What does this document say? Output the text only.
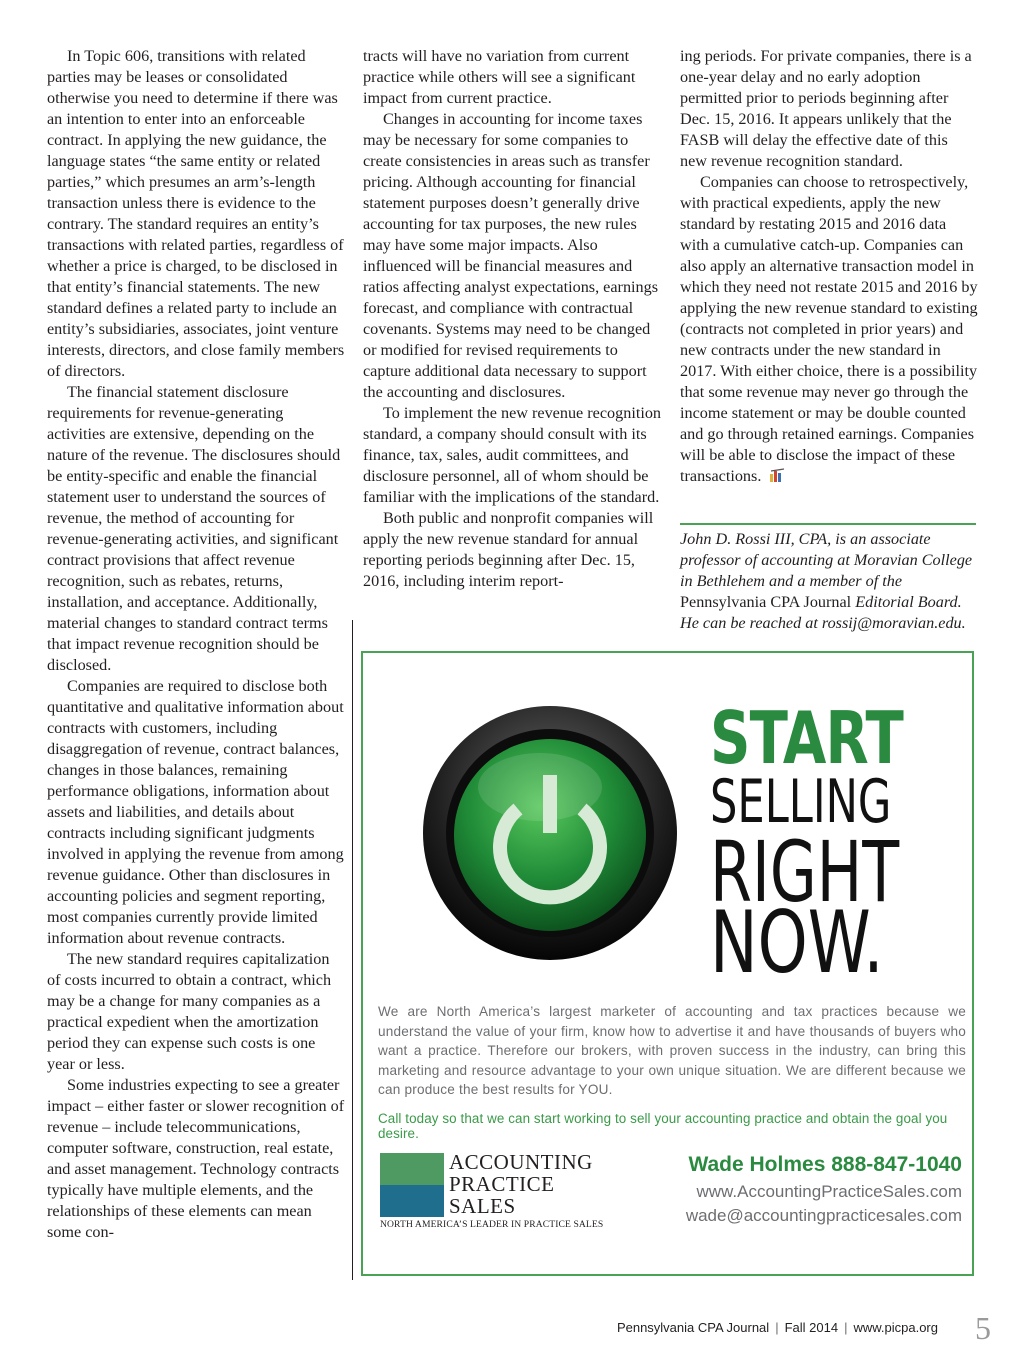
In Topic 606, transitions with related parties may be leases or consolidated otherwise you need to determine if there was an intention to enter into an enforceable contract. In applying the new guidance, the language states “the same entity or related parties,” which presumes an arm’s-length transaction unless there is evidence to the contrary. The standard requires an entity’s transactions with related parties, regardless of whether a price is charged, to be disclosed in that entity’s financial statements. The new standard defines a related party to include an entity’s subsidiaries, associates, joint venture interests, directors, and close family members of directors.

The financial statement disclosure requirements for revenue-generating activities are extensive, depending on the nature of the revenue. The disclosures should be entity-specific and enable the financial statement user to understand the sources of revenue, the method of accounting for revenue-generating activities, and significant contract provisions that affect revenue recognition, such as rebates, returns, installation, and acceptance. Additionally, material changes to standard contract terms that impact revenue recognition should be disclosed.

Companies are required to disclose both quantitative and qualitative information about contracts with customers, including disaggregation of revenue, contract balances, changes in those balances, remaining performance obligations, information about assets and liabilities, and details about contracts including significant judgments involved in applying the revenue from among revenue guidance. Other than disclosures in accounting policies and segment reporting, most companies currently provide limited information about revenue contracts.

The new standard requires capitalization of costs incurred to obtain a contract, which may be a change for many companies as a practical expedient when the amortization period they can expense such costs is one year or less.

Some industries expecting to see a greater impact – either faster or slower recognition of revenue – include telecommunications, computer software, construction, real estate, and asset management. Technology contracts typically have multiple elements, and the relationships of these elements can mean some con-

tracts will have no variation from current practice while others will see a significant impact from current practice.

Changes in accounting for income taxes may be necessary for some companies to create consistencies in areas such as transfer pricing. Although accounting for financial statement purposes doesn’t generally drive accounting for tax purposes, the new rules may have some major impacts. Also influenced will be financial measures and ratios affecting analyst expectations, earnings forecast, and compliance with contractual covenants. Systems may need to be changed or modified for revised requirements to capture additional data necessary to support the accounting and disclosures.

To implement the new revenue recognition standard, a company should consult with its finance, tax, sales, audit committees, and disclosure personnel, all of whom should be familiar with the implications of the standard.

Both public and nonprofit companies will apply the new revenue standard for annual reporting periods beginning after Dec. 15, 2016, including interim report-

ing periods. For private companies, there is a one-year delay and no early adoption permitted prior to periods beginning after Dec. 15, 2016. It appears unlikely that the FASB will delay the effective date of this new revenue recognition standard.

Companies can choose to retrospectively, with practical expedients, apply the new standard by restating 2015 and 2016 data with a cumulative catch-up. Companies can also apply an alternative transaction model in which they need not restate 2015 and 2016 by applying the new revenue standard to existing (contracts not completed in prior years) and new contracts under the new standard in 2017. With either choice, there is a possibility that some revenue may never go through the income statement or may be double counted and go through retained earnings. Companies will be able to disclose the impact of these transactions.

John D. Rossi III, CPA, is an associate professor of accounting at Moravian College in Bethlehem and a member of the Pennsylvania CPA Journal Editorial Board. He can be reached at rossij@moravian.edu.
START
SELLING
RIGHT
NOW.
We are North America’s largest marketer of accounting and tax practices because we understand the value of your firm, know how to advertise it and have thousands of buyers who want a practice. Therefore our brokers, with proven success in the industry, can bring this marketing and resource advantage to your own unique situation. We are different because we can produce the best results for YOU.
Call today so that we can start working to sell your accounting practice and obtain the goal you desire.
ACCOUNTING
PRACTICE
SALES
NORTH AMERICA’S LEADER IN PRACTICE SALES
Wade Holmes 888-847-1040
www.AccountingPracticeSales.com
wade@accountingpracticesales.com
Pennsylvania CPA Journal | Fall 2014 | www.picpa.org 5
